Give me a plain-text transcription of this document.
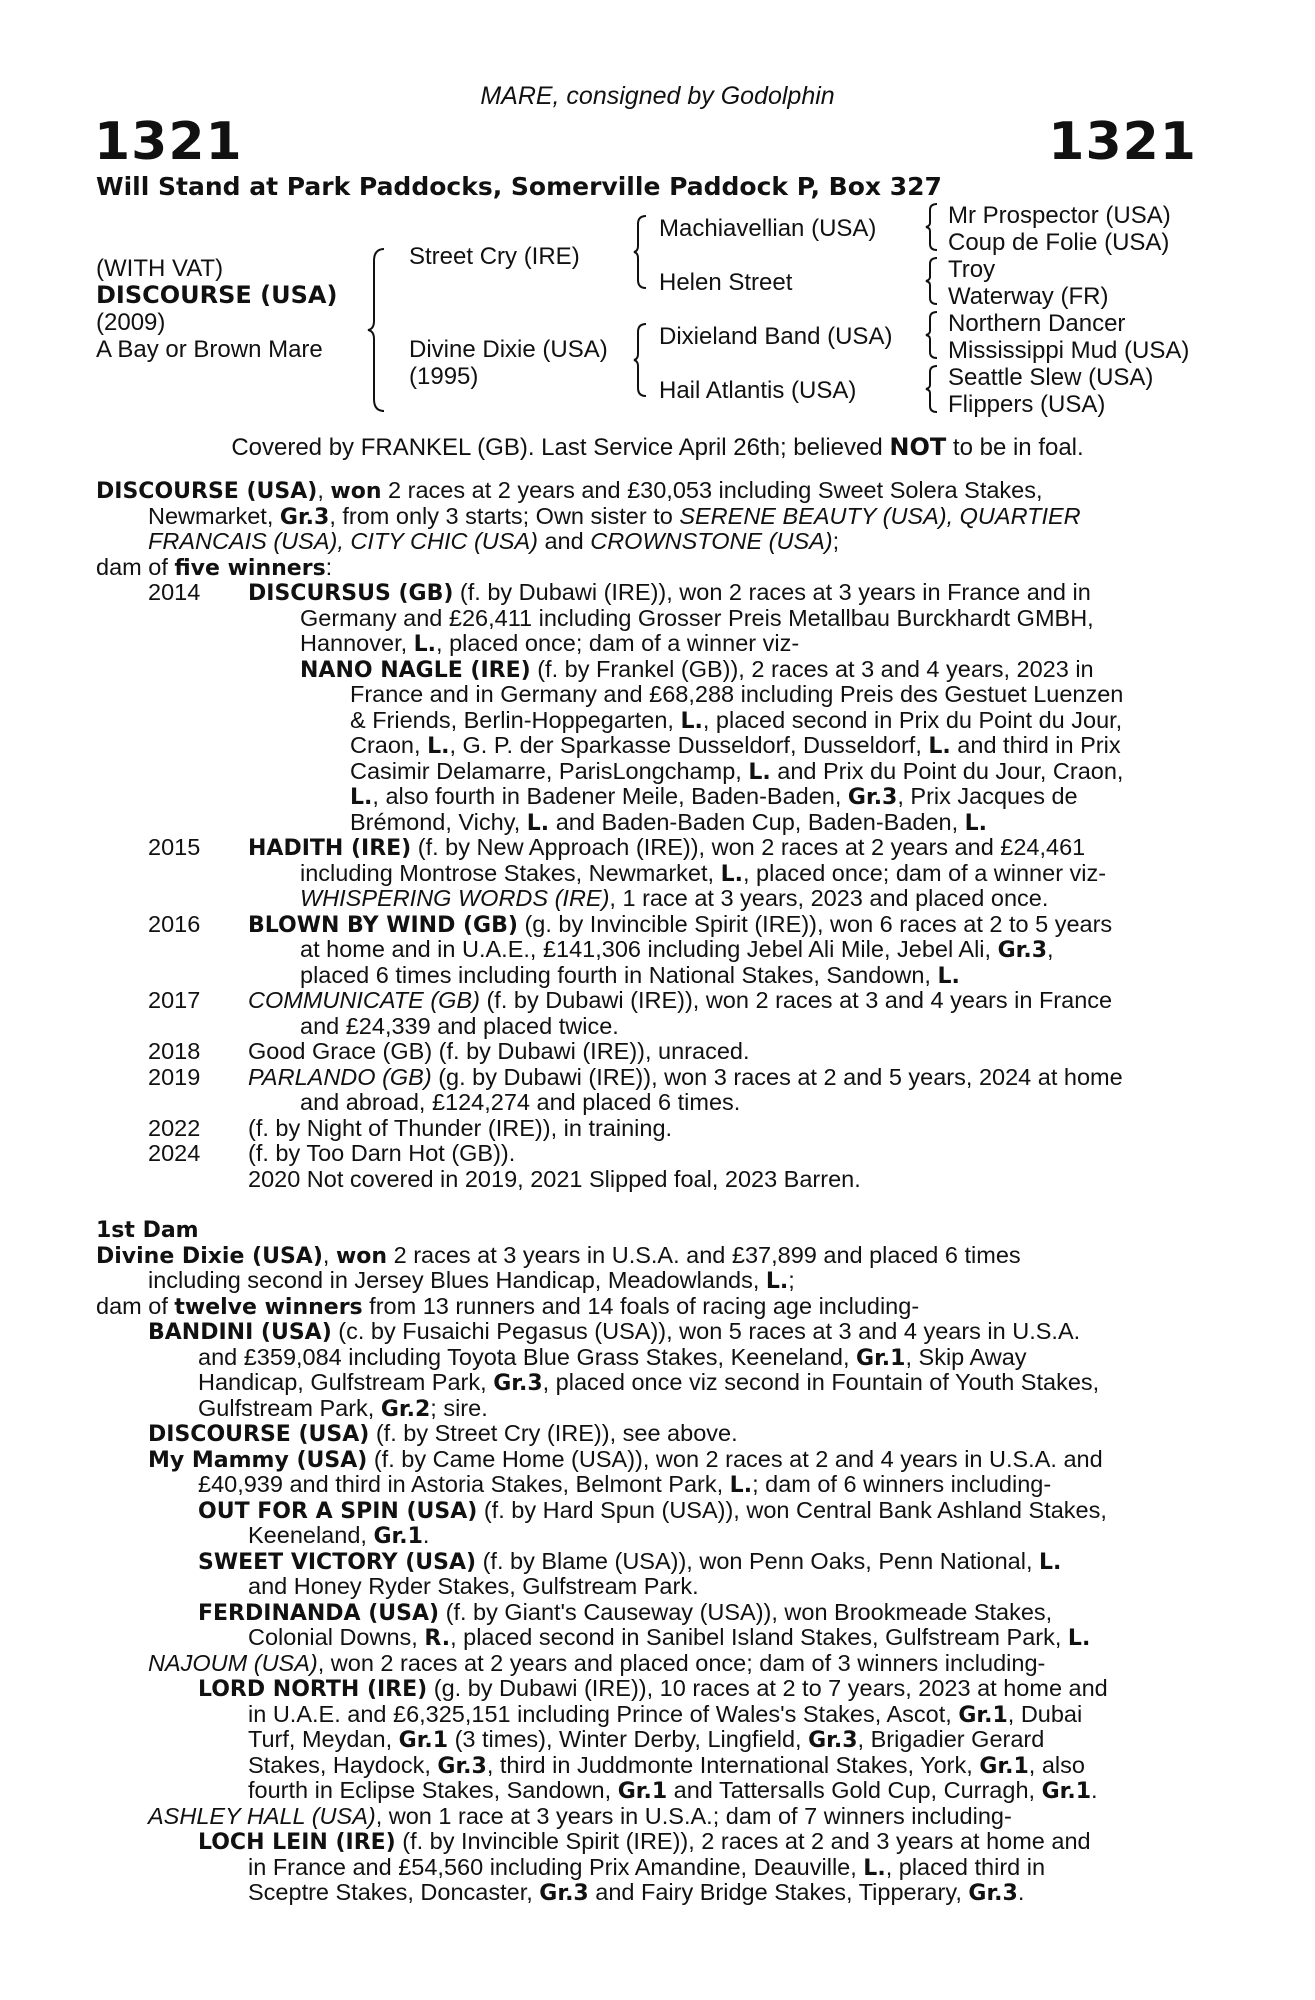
MARE, consigned by Godolphin
1321	1321
Will Stand at Park Paddocks, Somerville Paddock P, Box 327
(WITH VAT)
DISCOURSE (USA)
(2009)
A Bay or Brown Mare
Street Cry (IRE)
Divine Dixie (USA)
(1995)
Machiavellian (USA)
Helen Street
Dixieland Band (USA)
Hail Atlantis (USA)
Mr Prospector (USA)
Coup de Folie (USA)
Troy
Waterway (FR)
Northern Dancer
Mississippi Mud (USA)
Seattle Slew (USA)
Flippers (USA)
Covered by FRANKEL (GB). Last Service April 26th; believed NOT to be in foal.
DISCOURSE (USA), won 2 races at 2 years and £30,053 including Sweet Solera Stakes,
Newmarket, Gr.3, from only 3 starts; Own sister to SERENE BEAUTY (USA), QUARTIER
FRANCAIS (USA), CITY CHIC (USA) and CROWNSTONE (USA);
dam of five winners:
2014 DISCURSUS (GB) (f. by Dubawi (IRE)), won 2 races at 3 years in France and in
Germany and £26,411 including Grosser Preis Metallbau Burckhardt GMBH,
Hannover, L., placed once; dam of a winner viz-
NANO NAGLE (IRE) (f. by Frankel (GB)), 2 races at 3 and 4 years, 2023 in
France and in Germany and £68,288 including Preis des Gestuet Luenzen
& Friends, Berlin-Hoppegarten, L., placed second in Prix du Point du Jour,
Craon, L., G. P. der Sparkasse Dusseldorf, Dusseldorf, L. and third in Prix
Casimir Delamarre, ParisLongchamp, L. and Prix du Point du Jour, Craon,
L., also fourth in Badener Meile, Baden-Baden, Gr.3, Prix Jacques de
Brémond, Vichy, L. and Baden-Baden Cup, Baden-Baden, L.
2015 HADITH (IRE) (f. by New Approach (IRE)), won 2 races at 2 years and £24,461
including Montrose Stakes, Newmarket, L., placed once; dam of a winner viz-
WHISPERING WORDS (IRE), 1 race at 3 years, 2023 and placed once.
2016 BLOWN BY WIND (GB) (g. by Invincible Spirit (IRE)), won 6 races at 2 to 5 years
at home and in U.A.E., £141,306 including Jebel Ali Mile, Jebel Ali, Gr.3,
placed 6 times including fourth in National Stakes, Sandown, L.
2017 COMMUNICATE (GB) (f. by Dubawi (IRE)), won 2 races at 3 and 4 years in France
and £24,339 and placed twice.
2018 Good Grace (GB) (f. by Dubawi (IRE)), unraced.
2019 PARLANDO (GB) (g. by Dubawi (IRE)), won 3 races at 2 and 5 years, 2024 at home
and abroad, £124,274 and placed 6 times.
2022 (f. by Night of Thunder (IRE)), in training.
2024 (f. by Too Darn Hot (GB)).
2020 Not covered in 2019, 2021 Slipped foal, 2023 Barren.
1st Dam
Divine Dixie (USA), won 2 races at 3 years in U.S.A. and £37,899 and placed 6 times
including second in Jersey Blues Handicap, Meadowlands, L.;
dam of twelve winners from 13 runners and 14 foals of racing age including-
BANDINI (USA) (c. by Fusaichi Pegasus (USA)), won 5 races at 3 and 4 years in U.S.A.
and £359,084 including Toyota Blue Grass Stakes, Keeneland, Gr.1, Skip Away
Handicap, Gulfstream Park, Gr.3, placed once viz second in Fountain of Youth Stakes,
Gulfstream Park, Gr.2; sire.
DISCOURSE (USA) (f. by Street Cry (IRE)), see above.
My Mammy (USA) (f. by Came Home (USA)), won 2 races at 2 and 4 years in U.S.A. and
£40,939 and third in Astoria Stakes, Belmont Park, L.; dam of 6 winners including-
OUT FOR A SPIN (USA) (f. by Hard Spun (USA)), won Central Bank Ashland Stakes,
Keeneland, Gr.1.
SWEET VICTORY (USA) (f. by Blame (USA)), won Penn Oaks, Penn National, L.
and Honey Ryder Stakes, Gulfstream Park.
FERDINANDA (USA) (f. by Giant's Causeway (USA)), won Brookmeade Stakes,
Colonial Downs, R., placed second in Sanibel Island Stakes, Gulfstream Park, L.
NAJOUM (USA), won 2 races at 2 years and placed once; dam of 3 winners including-
LORD NORTH (IRE) (g. by Dubawi (IRE)), 10 races at 2 to 7 years, 2023 at home and
in U.A.E. and £6,325,151 including Prince of Wales's Stakes, Ascot, Gr.1, Dubai
Turf, Meydan, Gr.1 (3 times), Winter Derby, Lingfield, Gr.3, Brigadier Gerard
Stakes, Haydock, Gr.3, third in Juddmonte International Stakes, York, Gr.1, also
fourth in Eclipse Stakes, Sandown, Gr.1 and Tattersalls Gold Cup, Curragh, Gr.1.
ASHLEY HALL (USA), won 1 race at 3 years in U.S.A.; dam of 7 winners including-
LOCH LEIN (IRE) (f. by Invincible Spirit (IRE)), 2 races at 2 and 3 years at home and
in France and £54,560 including Prix Amandine, Deauville, L., placed third in
Sceptre Stakes, Doncaster, Gr.3 and Fairy Bridge Stakes, Tipperary, Gr.3.
